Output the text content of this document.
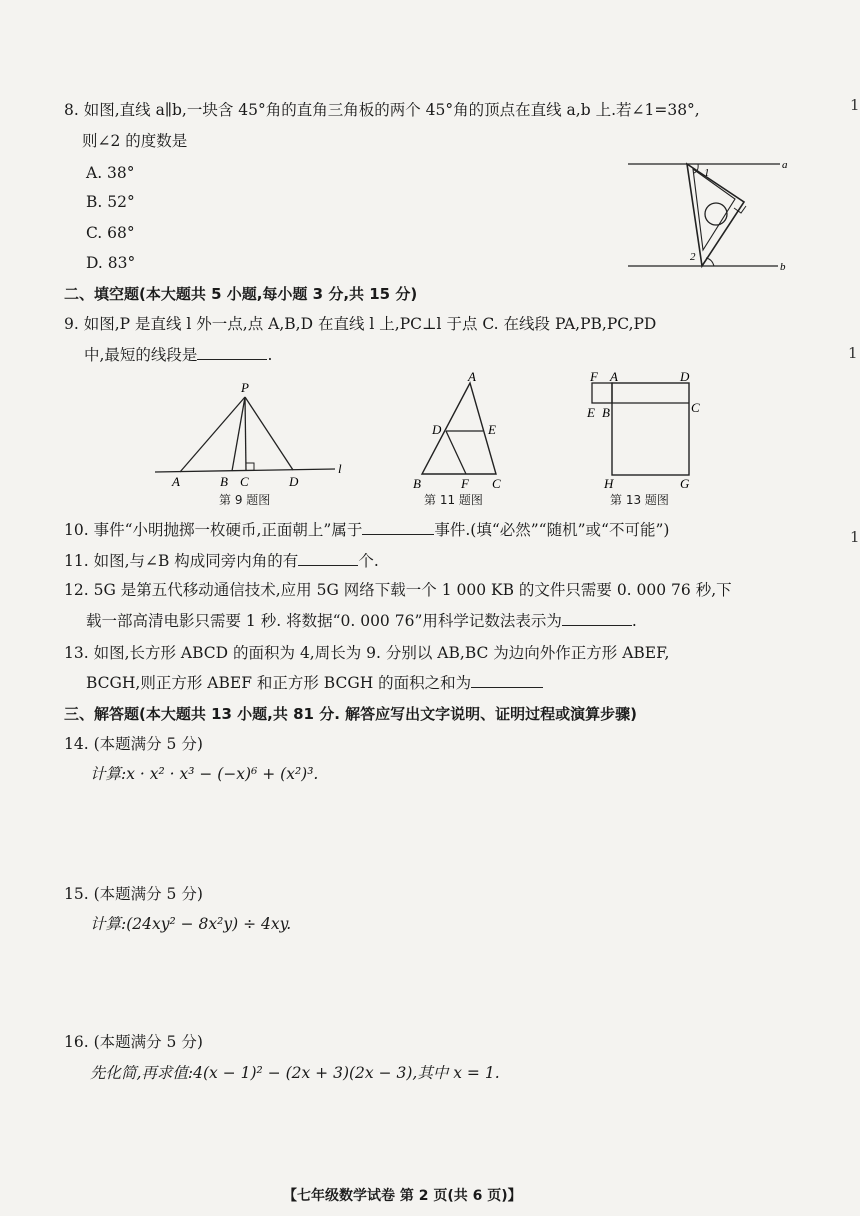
8. 如图,直线 a∥b,一块含 45°角的直角三角板的两个 45°角的顶点在直线 a,b 上.若∠1=38°,
则∠2 的度数是
A. 38°
B. 52°
C. 68°
D. 83°
a
b
1
2
二、填空题(本大题共 5 小题,每小题 3 分,共 15 分)
9. 如图,P 是直线 l 外一点,点 A,B,D 在直线 l 上,PC⊥l 于点 C. 在线段 PA,PB,PC,PD
中,最短的线段是	.
l
P
A	B C	D
第 9 题图
A
D	E
B	F C
第 11 题图
F A	D
E B	C
H	G
第 13 题图
10. 事件“小明抛掷一枚硬币,正面朝上”属于	事件.(填“必然”“随机”或“不可能”)
11. 如图,与∠B 构成同旁内角的有	个.
12. 5G 是第五代移动通信技术,应用 5G 网络下载一个 1 000 KB 的文件只需要 0. 000 76 秒,下
载一部高清电影只需要 1 秒. 将数据“0. 000 76”用科学记数法表示为	.
13. 如图,长方形 ABCD 的面积为 4,周长为 9. 分别以 AB,BC 为边向外作正方形 ABEF,
BCGH,则正方形 ABEF 和正方形 BCGH 的面积之和为
三、解答题(本大题共 13 小题,共 81 分. 解答应写出文字说明、证明过程或演算步骤)
14. (本题满分 5 分)
计算:x · x² · x³ − (−x)⁶ + (x²)³.
15. (本题满分 5 分)
计算:(24xy² − 8x²y) ÷ 4xy.
16. (本题满分 5 分)
先化简,再求值:4(x − 1)² − (2x + 3)(2x − 3),其中 x = 1.
【七年级数学试卷 第 2 页(共 6 页)】
1
1
1
